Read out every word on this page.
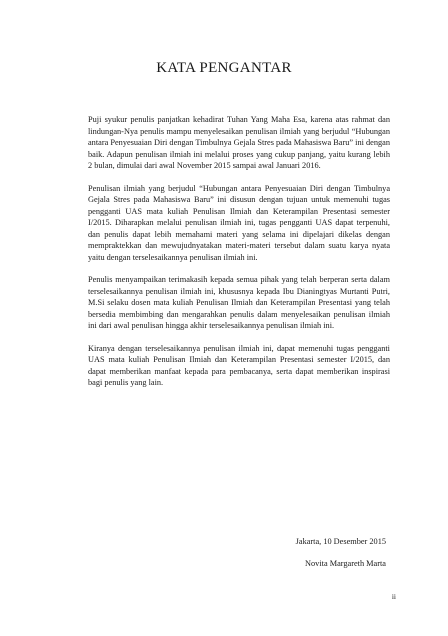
KATA PENGANTAR

Puji syukur penulis panjatkan kehadirat Tuhan Yang Maha Esa, karena atas rahmat dan lindungan-Nya penulis mampu menyelesaikan penulisan ilmiah yang berjudul “Hubungan antara Penyesuaian Diri dengan Timbulnya Gejala Stres pada Mahasiswa Baru” ini dengan baik. Adapun penulisan ilmiah ini melalui proses yang cukup panjang, yaitu kurang lebih 2 bulan, dimulai dari awal November 2015 sampai awal Januari 2016.

Penulisan ilmiah yang berjudul “Hubungan antara Penyesuaian Diri dengan Timbulnya Gejala Stres pada Mahasiswa Baru” ini disusun dengan tujuan untuk memenuhi tugas pengganti UAS mata kuliah Penulisan Ilmiah dan Keterampilan Presentasi semester I/2015. Diharapkan melalui penulisan ilmiah ini, tugas pengganti UAS dapat terpenuhi, dan penulis dapat lebih memahami materi yang selama ini dipelajari dikelas dengan mempraktekkan dan mewujudnyatakan materi-materi tersebut dalam suatu karya nyata yaitu dengan terselesaikannya penulisan ilmiah ini.

Penulis menyampaikan terimakasih kepada semua pihak yang telah berperan serta dalam terselesaikannya penulisan ilmiah ini, khususnya kepada Ibu Dianingtyas Murtanti Putri, M.Si selaku dosen mata kuliah Penulisan Ilmiah dan Keterampilan Presentasi yang telah bersedia membimbing dan mengarahkan penulis dalam menyelesaikan penulisan ilmiah ini dari awal penulisan hingga akhir terselesaikannya penulisan ilmiah ini.

Kiranya dengan terselesaikannya penulisan ilmiah ini, dapat memenuhi tugas pengganti UAS mata kuliah Penulisan Ilmiah dan Keterampilan Presentasi semester I/2015, dan dapat memberikan manfaat kepada para pembacanya, serta dapat memberikan inspirasi bagi penulis yang lain.

Jakarta, 10 Desember 2015
Novita Margareth Marta
ii
